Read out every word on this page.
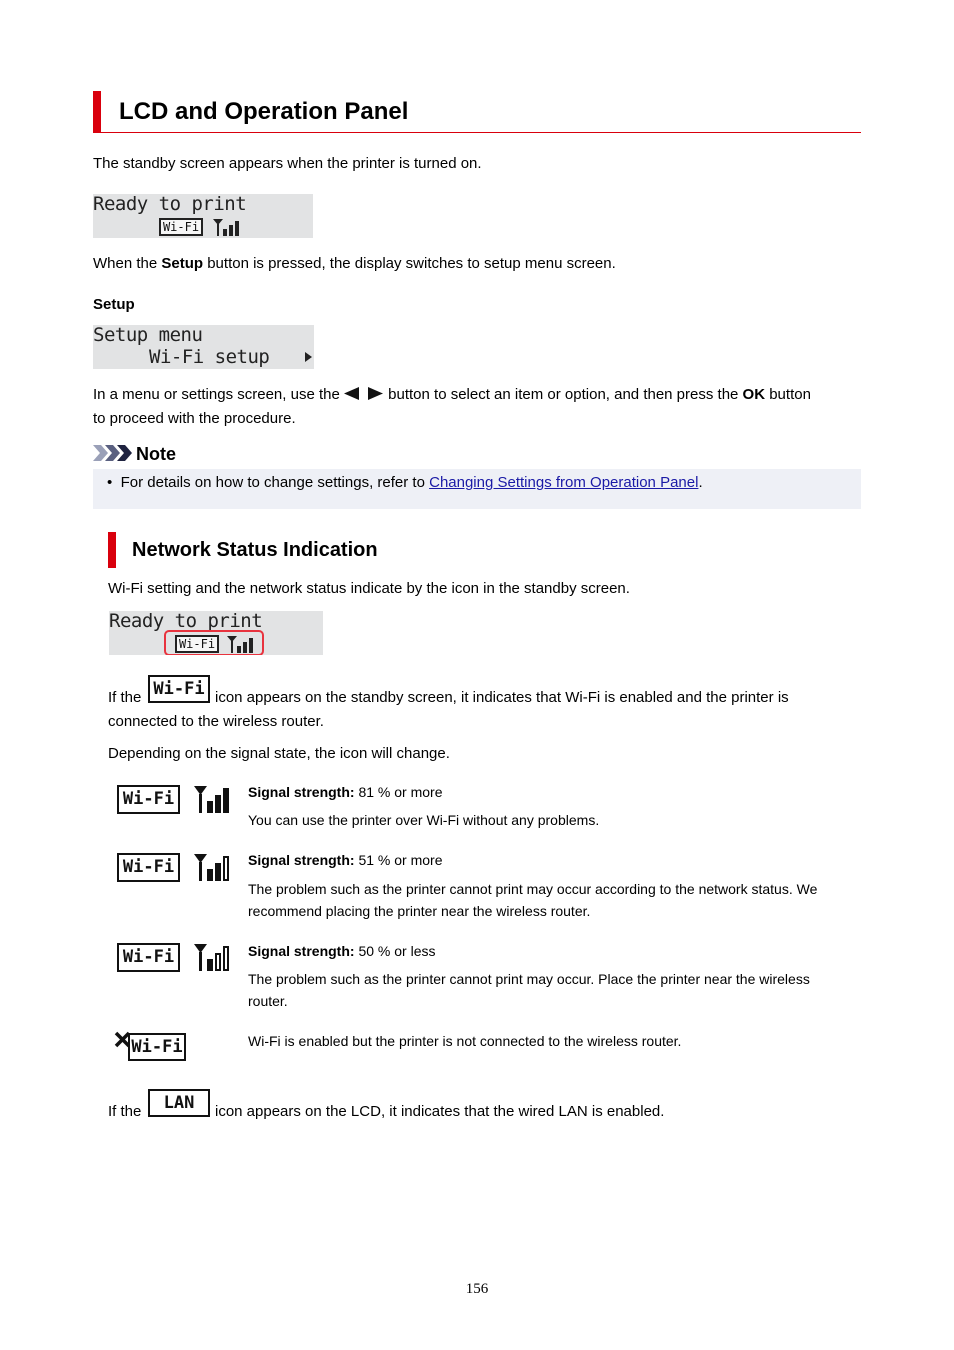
LCD and Operation Panel

The standby screen appears when the printer is turned on.

Ready to print
Wi-Fi

When the Setup button is pressed, the display switches to setup menu screen.

Setup
Setup menu
Wi-Fi setup

In a menu or settings screen, use the	button to select an item or option, and then press the OK button

to proceed with the procedure.

Note

•  For details on how to change settings, refer to Changing Settings from Operation Panel.

Network Status Indication

Wi-Fi setting and the network status indicate by the icon in the standby screen.

Ready to print
Wi-Fi
Wi-Fi

If the	icon appears on the standby screen, it indicates that Wi-Fi is enabled and the printer is

connected to the wireless router.

Depending on the signal state, the icon will change.

Wi-Fi	Signal strength: 81 % or more
You can use the printer over Wi-Fi without any problems.
Wi-Fi	Signal strength: 51 % or more
The problem such as the printer cannot print may occur according to the network status. We
recommend placing the printer near the wireless router.
Wi-Fi	Signal strength: 50 % or less
The problem such as the printer cannot print may occur. Place the printer near the wireless
router.
Wi-Fi	Wi-Fi is enabled but the printer is not connected to the wireless router.
LAN

If the	icon appears on the LCD, it indicates that the wired LAN is enabled.

156
